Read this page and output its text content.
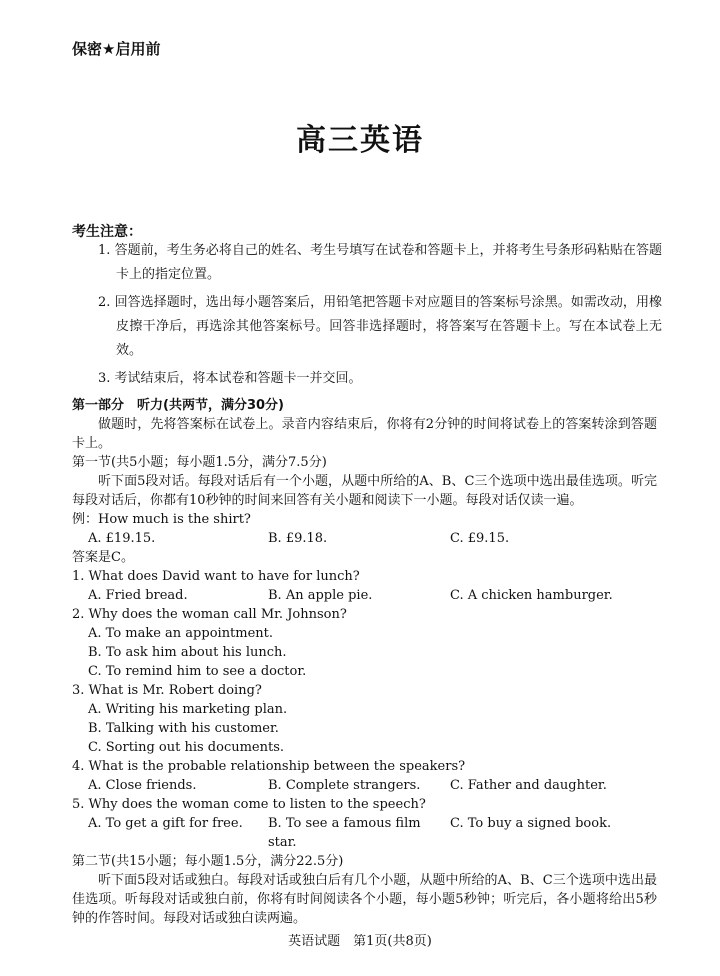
保密★启用前
高三英语
考生注意：
1. 答题前，考生务必将自己的姓名、考生号填写在试卷和答题卡上，并将考生号条形码粘贴在答题卡上的指定位置。
2. 回答选择题时，选出每小题答案后，用铅笔把答题卡对应题目的答案标号涂黑。如需改动，用橡皮擦干净后，再选涂其他答案标号。回答非选择题时，将答案写在答题卡上。写在本试卷上无效。
3. 考试结束后，将本试卷和答题卡一并交回。
第一部分　听力(共两节，满分30分)
做题时，先将答案标在试卷上。录音内容结束后，你将有2分钟的时间将试卷上的答案转涂到答题卡上。
第一节(共5小题；每小题1.5分，满分7.5分)
听下面5段对话。每段对话后有一个小题，从题中所给的A、B、C三个选项中选出最佳选项。听完每段对话后，你都有10秒钟的时间来回答有关小题和阅读下一小题。每段对话仅读一遍。
例：How much is the shirt?
A. £19.15.	B. £9.18.	C. £9.15.
答案是C。
1. What does David want to have for lunch?
A. Fried bread.	B. An apple pie.	C. A chicken hamburger.
2. Why does the woman call Mr. Johnson?
A. To make an appointment.
B. To ask him about his lunch.
C. To remind him to see a doctor.
3. What is Mr. Robert doing?
A. Writing his marketing plan.
B. Talking with his customer.
C. Sorting out his documents.
4. What is the probable relationship between the speakers?
A. Close friends.	B. Complete strangers.	C. Father and daughter.
5. Why does the woman come to listen to the speech?
A. To get a gift for free.	B. To see a famous film star.
C. To buy a signed book.
第二节(共15小题；每小题1.5分，满分22.5分)
听下面5段对话或独白。每段对话或独白后有几个小题，从题中所给的A、B、C三个选项中选出最佳选项。听每段对话或独白前，你将有时间阅读各个小题，每小题5秒钟；听完后，各小题将给出5秒钟的作答时间。每段对话或独白读两遍。
英语试题　第1页(共8页)
